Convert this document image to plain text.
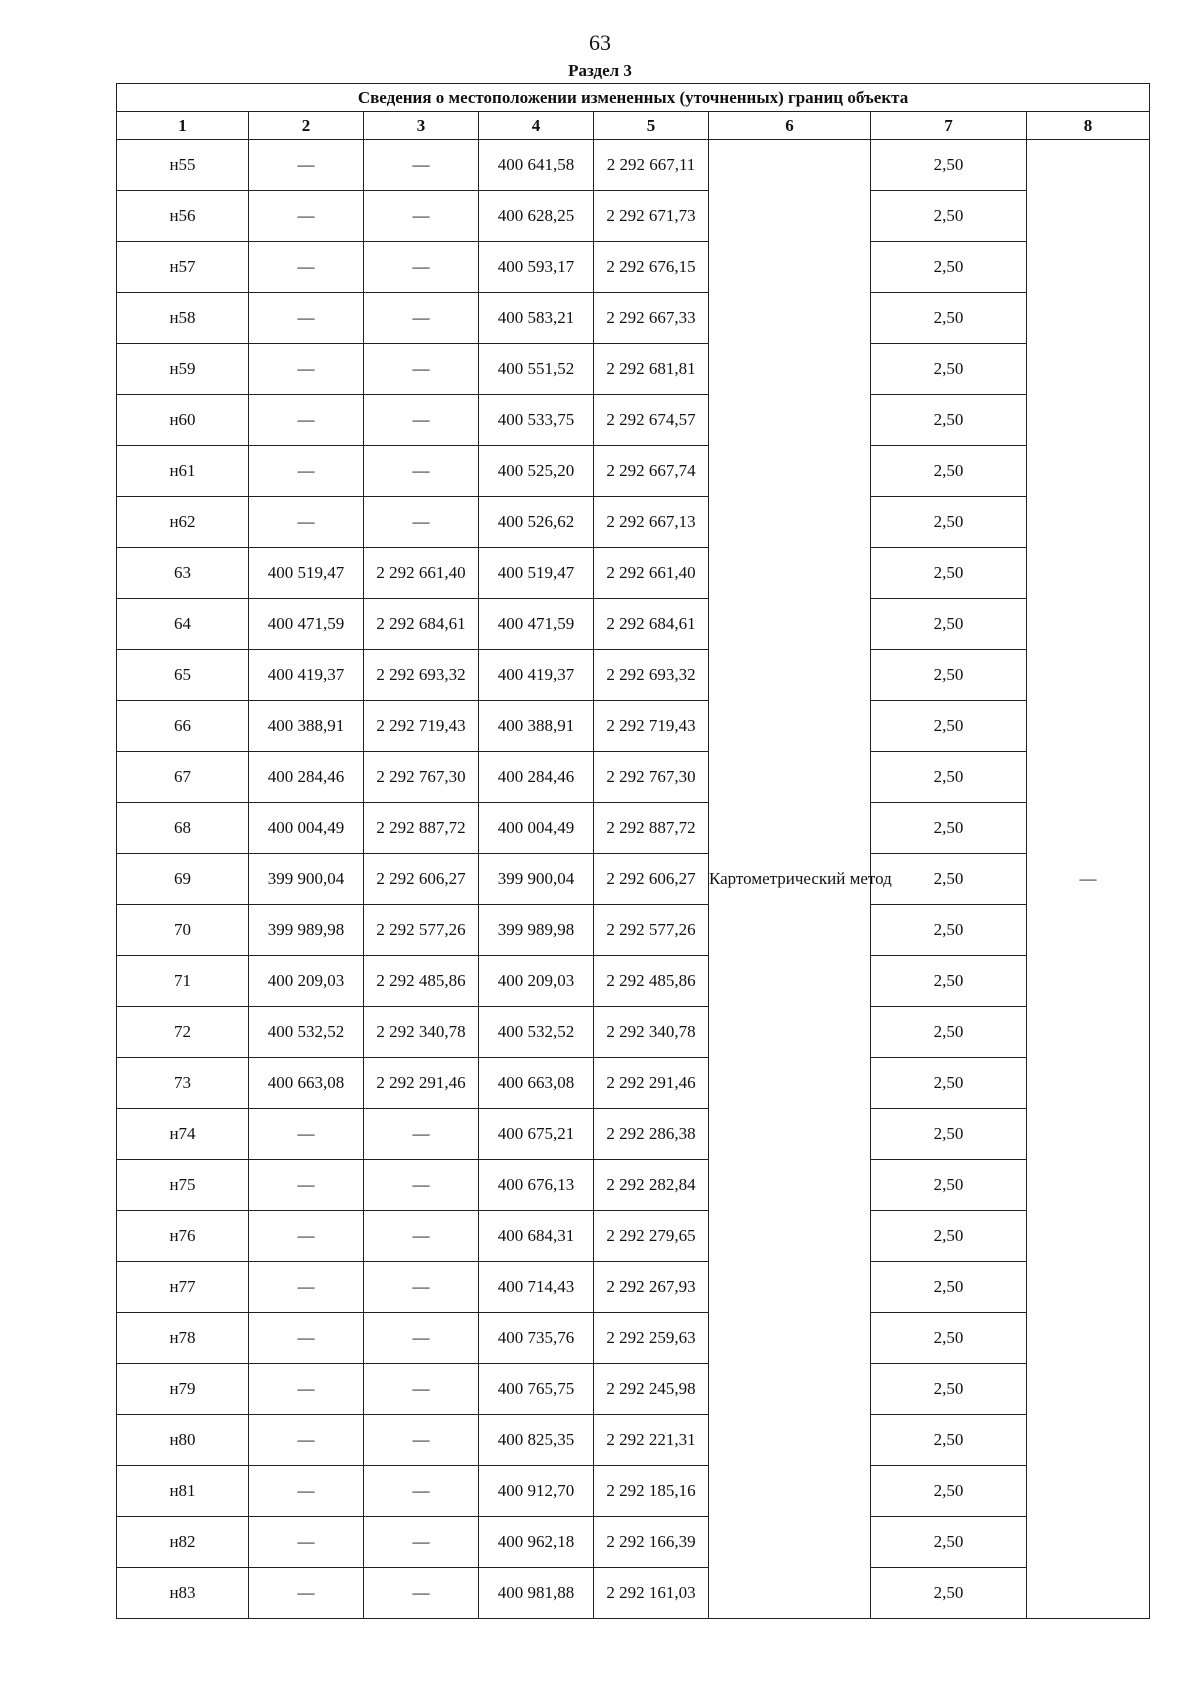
63
Раздел 3
Сведения о местоположении измененных (уточненных) границ объекта							
1	2	3	4	5	6	7	8
н55	—	—	400 641,58	2 292 667,11	Картометрический метод	2,50	—
н56	—	—	400 628,25	2 292 671,73		2,50	
н57	—	—	400 593,17	2 292 676,15		2,50	
н58	—	—	400 583,21	2 292 667,33		2,50	
н59	—	—	400 551,52	2 292 681,81		2,50	
н60	—	—	400 533,75	2 292 674,57		2,50	
н61	—	—	400 525,20	2 292 667,74		2,50	
н62	—	—	400 526,62	2 292 667,13		2,50	
63	400 519,47	2 292 661,40	400 519,47	2 292 661,40		2,50	
64	400 471,59	2 292 684,61	400 471,59	2 292 684,61		2,50	
65	400 419,37	2 292 693,32	400 419,37	2 292 693,32		2,50	
66	400 388,91	2 292 719,43	400 388,91	2 292 719,43		2,50	
67	400 284,46	2 292 767,30	400 284,46	2 292 767,30		2,50	
68	400 004,49	2 292 887,72	400 004,49	2 292 887,72		2,50	
69	399 900,04	2 292 606,27	399 900,04	2 292 606,27		2,50	
70	399 989,98	2 292 577,26	399 989,98	2 292 577,26		2,50	
71	400 209,03	2 292 485,86	400 209,03	2 292 485,86		2,50	
72	400 532,52	2 292 340,78	400 532,52	2 292 340,78		2,50	
73	400 663,08	2 292 291,46	400 663,08	2 292 291,46		2,50	
н74	—	—	400 675,21	2 292 286,38		2,50	
н75	—	—	400 676,13	2 292 282,84		2,50	
н76	—	—	400 684,31	2 292 279,65		2,50	
н77	—	—	400 714,43	2 292 267,93		2,50	
н78	—	—	400 735,76	2 292 259,63		2,50	
н79	—	—	400 765,75	2 292 245,98		2,50	
н80	—	—	400 825,35	2 292 221,31		2,50	
н81	—	—	400 912,70	2 292 185,16		2,50	
н82	—	—	400 962,18	2 292 166,39		2,50	
н83	—	—	400 981,88	2 292 161,03		2,50	
